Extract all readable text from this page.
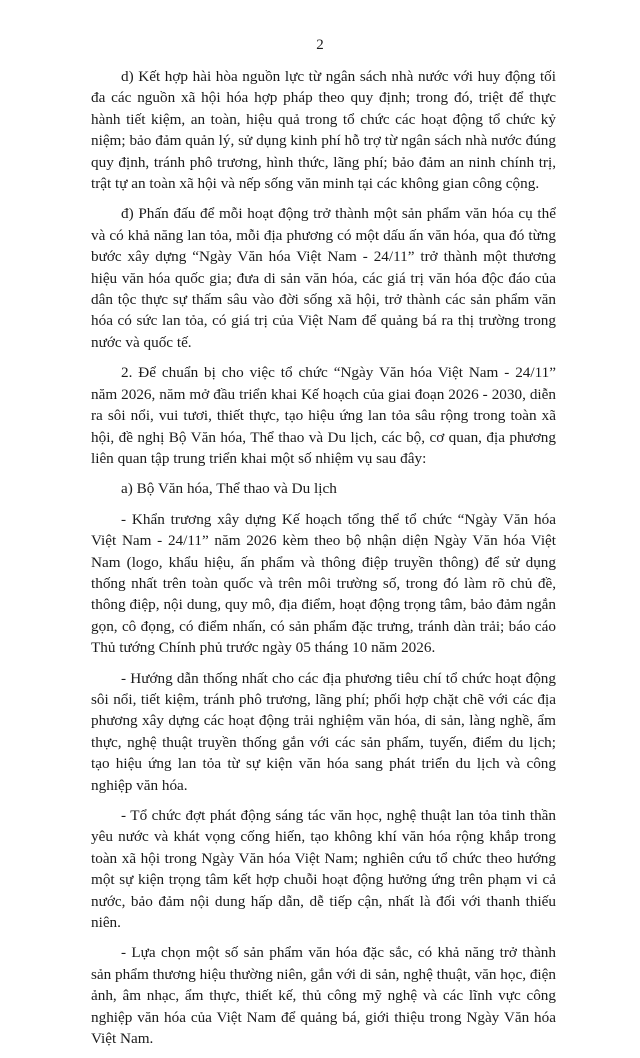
2

d) Kết hợp hài hòa nguồn lực từ ngân sách nhà nước với huy động tối đa các nguồn xã hội hóa hợp pháp theo quy định; trong đó, triệt để thực hành tiết kiệm, an toàn, hiệu quả trong tổ chức các hoạt động tổ chức kỷ niệm; bảo đảm quản lý, sử dụng kinh phí hỗ trợ từ ngân sách nhà nước đúng quy định, tránh phô trương, hình thức, lãng phí; bảo đảm an ninh chính trị, trật tự an toàn xã hội và nếp sống văn minh tại các không gian công cộng.

đ) Phấn đấu để mỗi hoạt động trở thành một sản phẩm văn hóa cụ thể và có khả năng lan tỏa, mỗi địa phương có một dấu ấn văn hóa, qua đó từng bước xây dựng “Ngày Văn hóa Việt Nam - 24/11” trở thành một thương hiệu văn hóa quốc gia; đưa di sản văn hóa, các giá trị văn hóa độc đáo của dân tộc thực sự thấm sâu vào đời sống xã hội, trở thành các sản phẩm văn hóa có sức lan tỏa, có giá trị của Việt Nam để quảng bá ra thị trường trong nước và quốc tế.

2. Để chuẩn bị cho việc tổ chức “Ngày Văn hóa Việt Nam - 24/11” năm 2026, năm mở đầu triển khai Kế hoạch của giai đoạn 2026 - 2030, diễn ra sôi nổi, vui tươi, thiết thực, tạo hiệu ứng lan tỏa sâu rộng trong toàn xã hội, đề nghị Bộ Văn hóa, Thể thao và Du lịch, các bộ, cơ quan, địa phương liên quan tập trung triển khai một số nhiệm vụ sau đây:

a) Bộ Văn hóa, Thể thao và Du lịch

- Khẩn trương xây dựng Kế hoạch tổng thể tổ chức “Ngày Văn hóa Việt Nam - 24/11” năm 2026 kèm theo bộ nhận diện Ngày Văn hóa Việt Nam (logo, khẩu hiệu, ấn phẩm và thông điệp truyền thông) để sử dụng thống nhất trên toàn quốc và trên môi trường số, trong đó làm rõ chủ đề, thông điệp, nội dung, quy mô, địa điểm, hoạt động trọng tâm, bảo đảm ngắn gọn, cô đọng, có điểm nhấn, có sản phẩm đặc trưng, tránh dàn trải; báo cáo Thủ tướng Chính phủ trước ngày 05 tháng 10 năm 2026.

- Hướng dẫn thống nhất cho các địa phương tiêu chí tổ chức hoạt động sôi nổi, tiết kiệm, tránh phô trương, lãng phí; phối hợp chặt chẽ với các địa phương xây dựng các hoạt động trải nghiệm văn hóa, di sản, làng nghề, ẩm thực, nghệ thuật truyền thống gắn với các sản phẩm, tuyến, điểm du lịch; tạo hiệu ứng lan tỏa từ sự kiện văn hóa sang phát triển du lịch và công nghiệp văn hóa.

- Tổ chức đợt phát động sáng tác văn học, nghệ thuật lan tỏa tinh thần yêu nước và khát vọng cống hiến, tạo không khí văn hóa rộng khắp trong toàn xã hội trong Ngày Văn hóa Việt Nam; nghiên cứu tổ chức theo hướng một sự kiện trọng tâm kết hợp chuỗi hoạt động hưởng ứng trên phạm vi cả nước, bảo đảm nội dung hấp dẫn, dễ tiếp cận, nhất là đối với thanh thiếu niên.

- Lựa chọn một số sản phẩm văn hóa đặc sắc, có khả năng trở thành sản phẩm thương hiệu thường niên, gắn với di sản, nghệ thuật, văn học, điện ảnh, âm nhạc, ẩm thực, thiết kế, thủ công mỹ nghệ và các lĩnh vực công nghiệp văn hóa của Việt Nam để quảng bá, giới thiệu trong Ngày Văn hóa Việt Nam.
